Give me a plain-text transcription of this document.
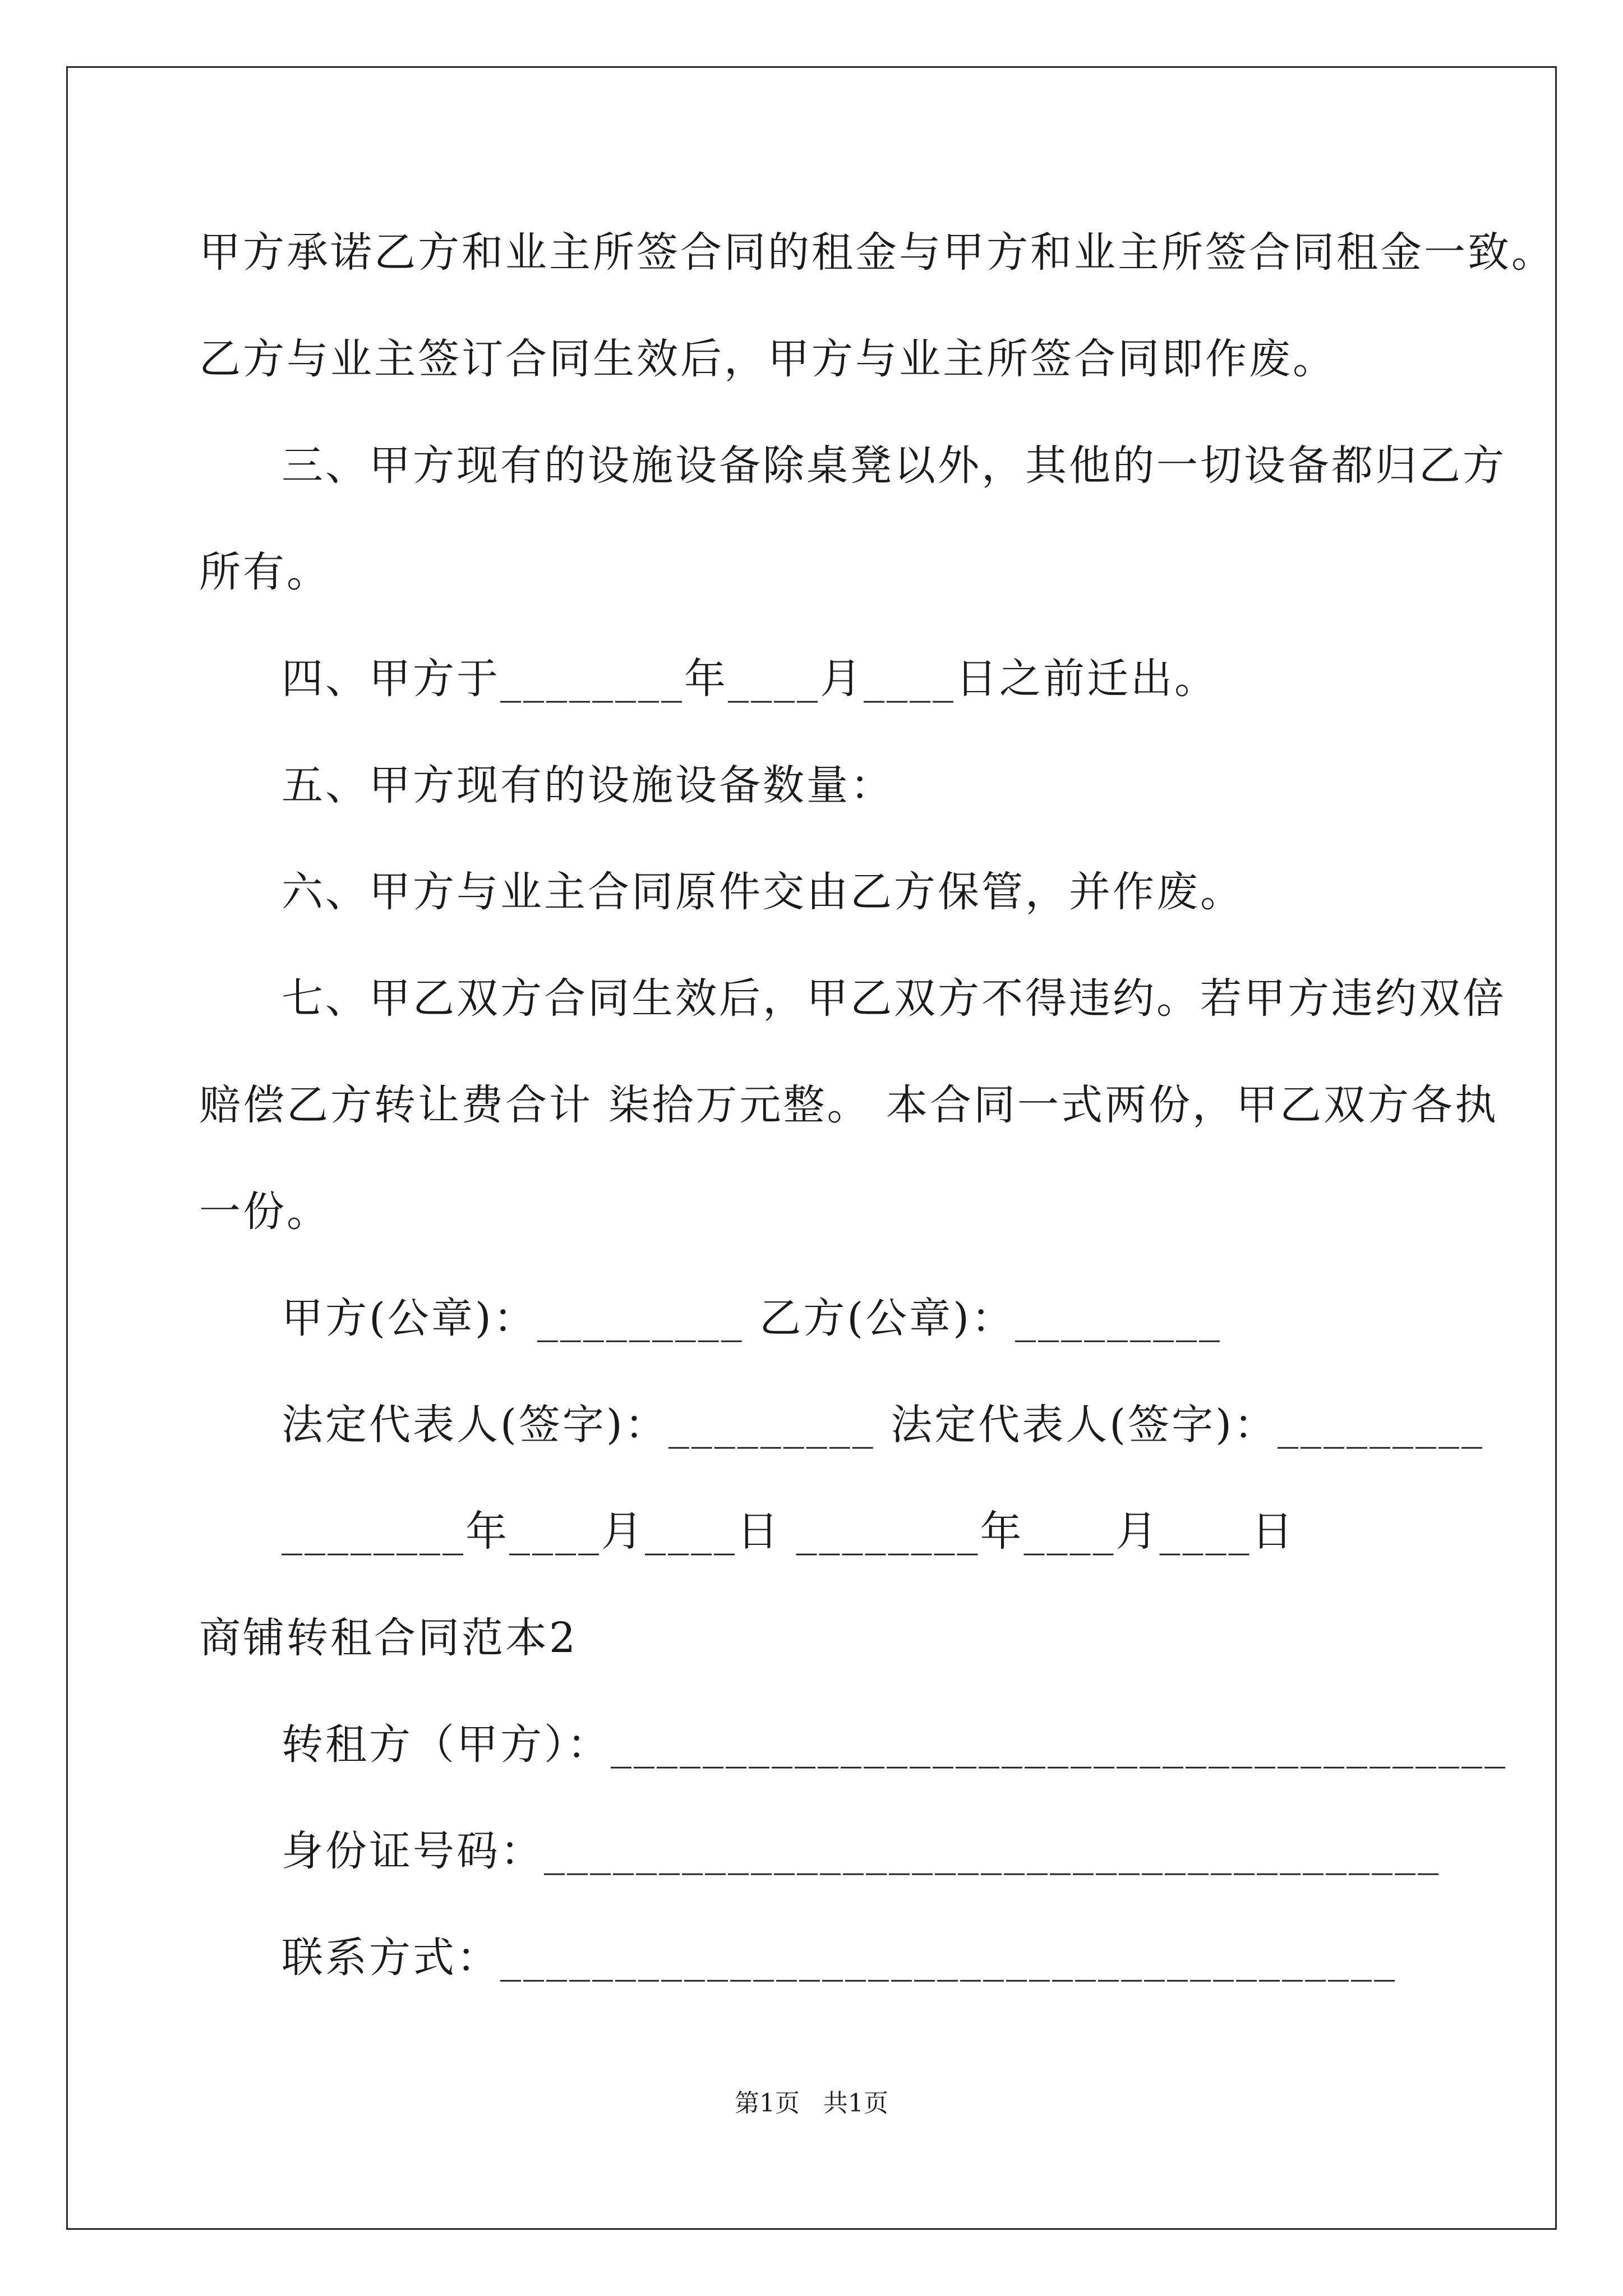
甲方承诺乙方和业主所签合同的租金与甲方和业主所签合同租金一致。
乙方与业主签订合同生效后，甲方与业主所签合同即作废。
三、甲方现有的设施设备除桌凳以外，其他的一切设备都归乙方
所有。
四、甲方于________年____月____日之前迁出。
五、甲方现有的设施设备数量：
六、甲方与业主合同原件交由乙方保管，并作废。
七、甲乙双方合同生效后，甲乙双方不得违约。若甲方违约双倍
赔偿乙方转让费合计 柒拾万元整。 本合同一式两份，甲乙双方各执
一份。
甲方(公章)：_________ 乙方(公章)：_________
法定代表人(签字)：_________ 法定代表人(签字)：_________
________年____月____日 ________年____月____日
商铺转租合同范本2
转租方（甲方）：_______________________________________
身份证号码：_______________________________________
联系方式：_______________________________________
第1页   共1页
